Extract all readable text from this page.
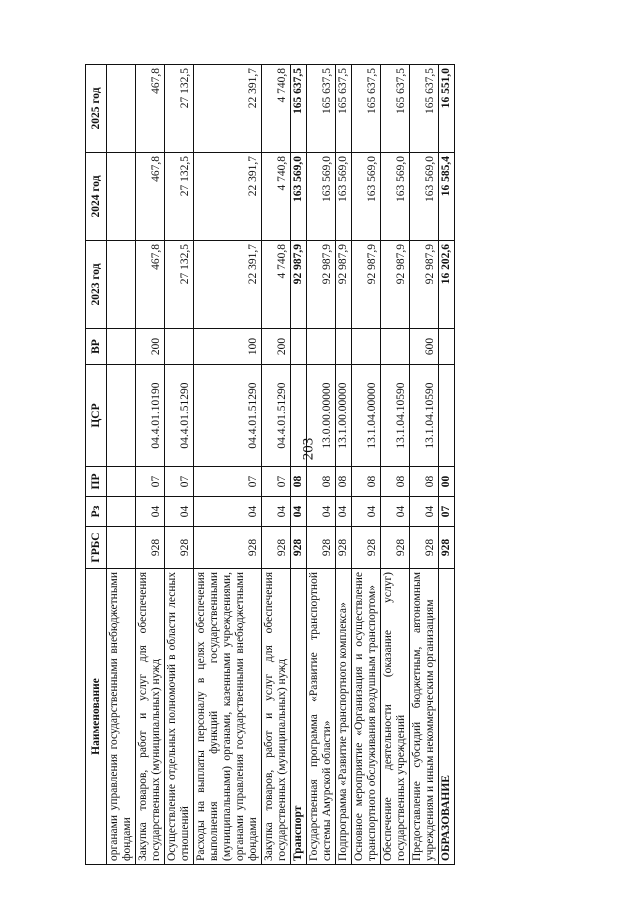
203
Наименование	ГРБС	Рз	ПР	ЦСР	ВР	2023 год	2024 год	2025 год
органами управления государственными внебюджетными фондами								
Закупка товаров, работ и услуг для обеспечения государственных (муниципальных) нужд	928	04	07	04.4.01.10190	200	467,8	467,8	467,8
Осуществление отдельных полномочий в области лесных отношений	928	04	07	04.4.01.51290		27 132,5	27 132,5	27 132,5
Расходы на выплаты персоналу в целях обеспечения выполнения функций государственными (муниципальными) органами, казенными учреждениями, органами управления государственными внебюджетными фондами	928	04	07	04.4.01.51290	100	22 391,7	22 391,7	22 391,7
Закупка товаров, работ и услуг для обеспечения государственных (муниципальных) нужд	928	04	07	04.4.01.51290	200	4 740,8	4 740,8	4 740,8
Транспорт	928	04	08			92 987,9	163 569,0	165 637,5
Государственная программа «Развитие транспортной системы Амурской области»	928	04	08	13.0.00.00000		92 987,9	163 569,0	165 637,5
Подпрограмма «Развитие транспортного комплекса»	928	04	08	13.1.00.00000		92 987,9	163 569,0	165 637,5
Основное мероприятие «Организация и осуществление транспортного обслуживания воздушным транспортом»	928	04	08	13.1.04.00000		92 987,9	163 569,0	165 637,5
Обеспечение деятельности (оказание услуг) государственных учреждений	928	04	08	13.1.04.10590		92 987,9	163 569,0	165 637,5
Предоставление субсидий бюджетным, автономным учреждениям и иным некоммерческим организациям	928	04	08	13.1.04.10590	600	92 987,9	163 569,0	165 637,5
ОБРАЗОВАНИЕ	928	07	00			16 202,6	16 585,4	16 551,0
